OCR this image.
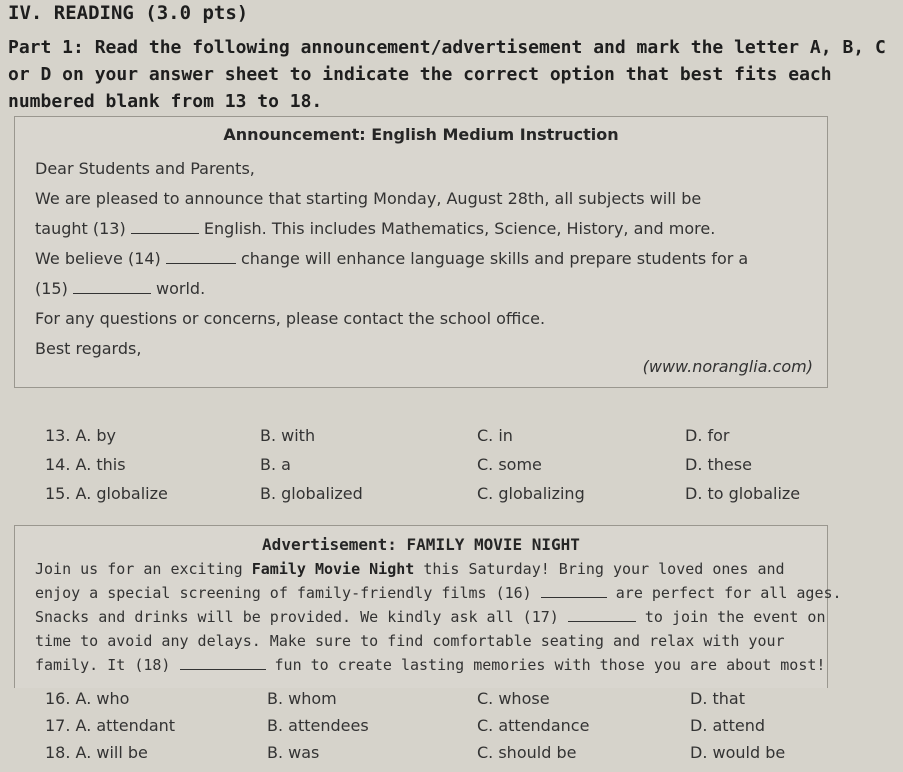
IV. READING (3.0 pts)
Part 1: Read the following announcement/advertisement and mark the letter A, B, C or D on your answer sheet to indicate the correct option that best fits each numbered blank from 13 to 18.
Announcement: English Medium Instruction
Dear Students and Parents,
We are pleased to announce that starting Monday, August 28th, all subjects will be
taught (13)	English. This includes Mathematics, Science, History, and more.
We believe (14)	change will enhance language skills and prepare students for a
(15)	world.
For any questions or concerns, please contact the school office.
Best regards,
(www.noranglia.com)
13. A. by	B. with	C. in	D. for
14. A. this	B. a	C. some	D. these
15. A. globalize	B. globalized	C. globalizing	D. to globalize
Advertisement: FAMILY MOVIE NIGHT
Join us for an exciting Family Movie Night this Saturday! Bring your loved ones and
enjoy a special screening of family-friendly films (16)	are perfect for all ages.
Snacks and drinks will be provided. We kindly ask all (17)	to join the event on
time to avoid any delays. Make sure to find comfortable seating and relax with your
family. It (18)	fun to create lasting memories with those you are about most!
16. A. who	B. whom	C. whose	D. that
17. A. attendant	B. attendees	C. attendance	D. attend
18. A. will be	B. was	C. should be	D. would be
